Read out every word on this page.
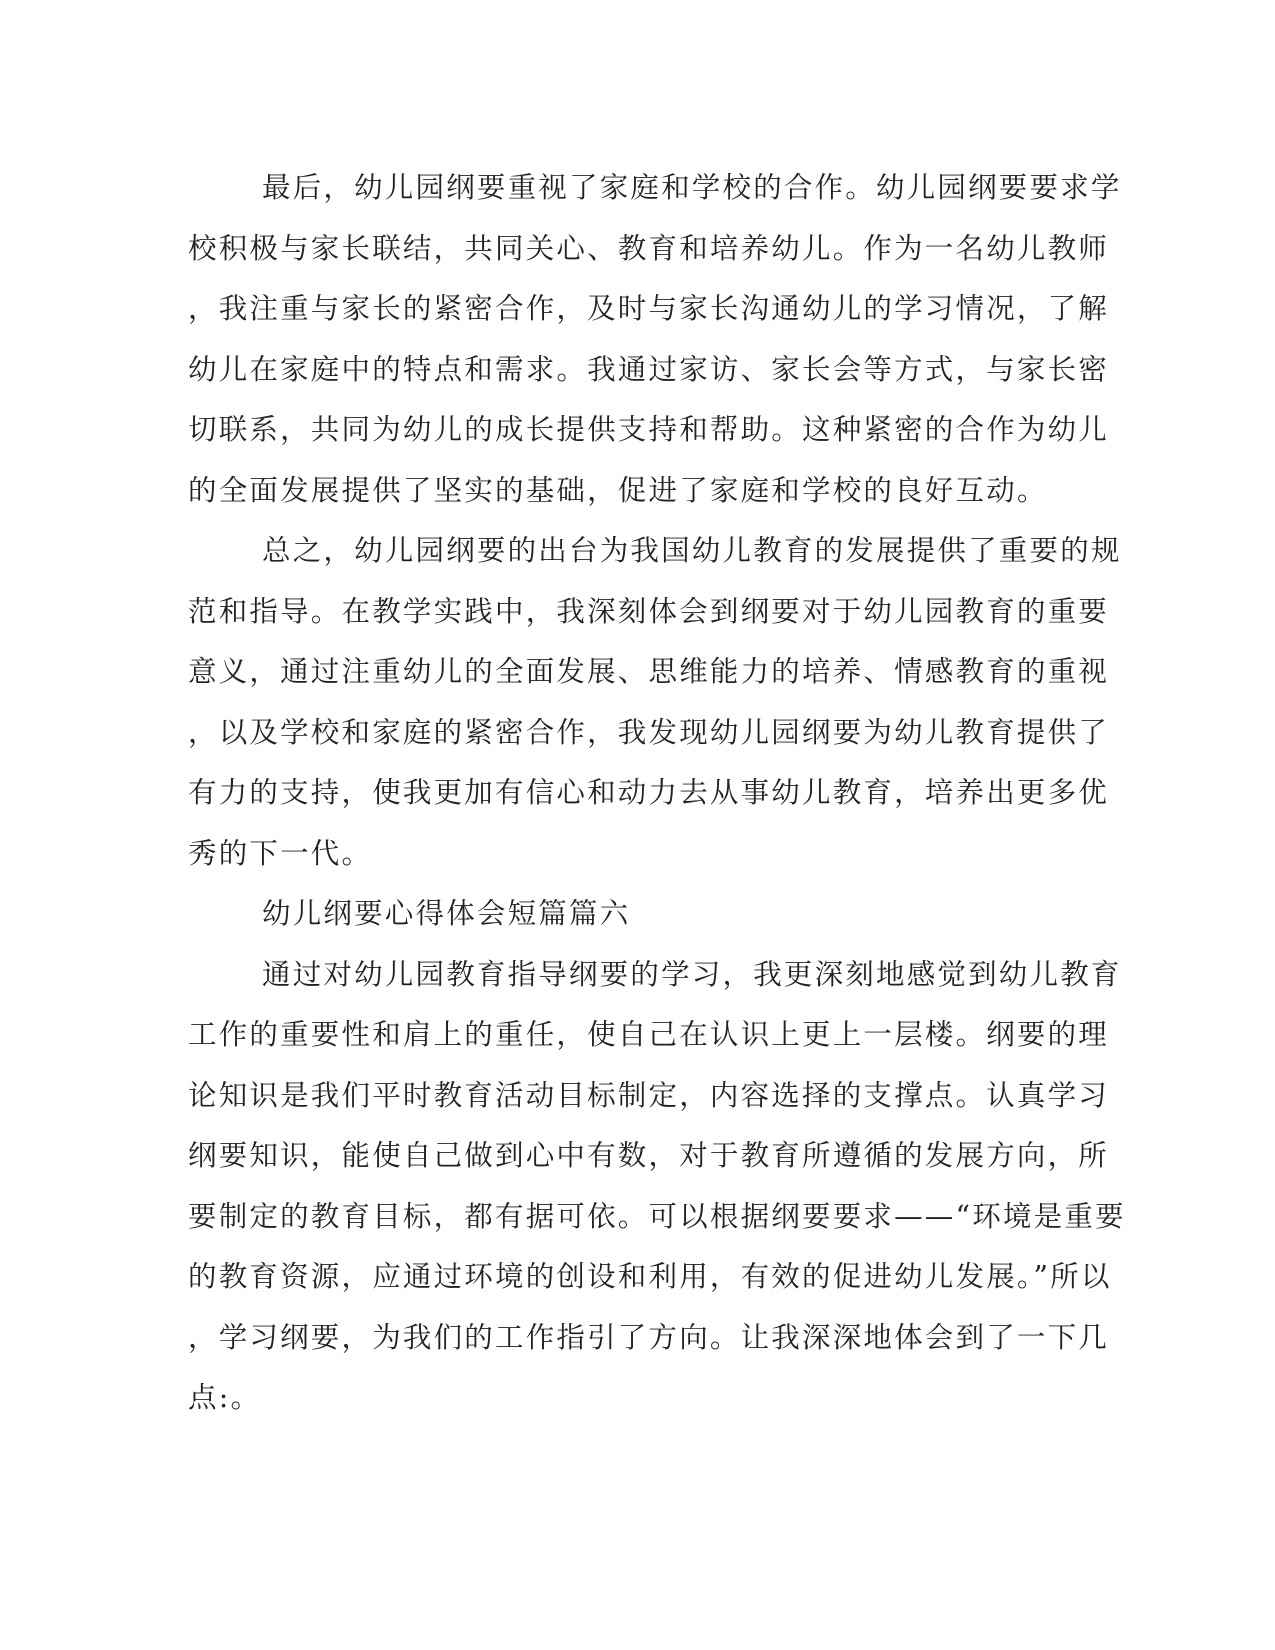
最后，幼儿园纲要重视了家庭和学校的合作。幼儿园纲要要求学
校积极与家长联结，共同关心、教育和培养幼儿。作为一名幼儿教师
，我注重与家长的紧密合作，及时与家长沟通幼儿的学习情况，了解
幼儿在家庭中的特点和需求。我通过家访、家长会等方式，与家长密
切联系，共同为幼儿的成长提供支持和帮助。这种紧密的合作为幼儿
的全面发展提供了坚实的基础，促进了家庭和学校的良好互动。
总之，幼儿园纲要的出台为我国幼儿教育的发展提供了重要的规
范和指导。在教学实践中，我深刻体会到纲要对于幼儿园教育的重要
意义，通过注重幼儿的全面发展、思维能力的培养、情感教育的重视
，以及学校和家庭的紧密合作，我发现幼儿园纲要为幼儿教育提供了
有力的支持，使我更加有信心和动力去从事幼儿教育，培养出更多优
秀的下一代。
幼儿纲要心得体会短篇篇六
通过对幼儿园教育指导纲要的学习，我更深刻地感觉到幼儿教育
工作的重要性和肩上的重任，使自己在认识上更上一层楼。纲要的理
论知识是我们平时教育活动目标制定，内容选择的支撑点。认真学习
纲要知识，能使自己做到心中有数，对于教育所遵循的发展方向，所
要制定的教育目标，都有据可依。可以根据纲要要求——“环境是重要
的教育资源，应通过环境的创设和利用，有效的促进幼儿发展。”所以
，学习纲要，为我们的工作指引了方向。让我深深地体会到了一下几
点:。
